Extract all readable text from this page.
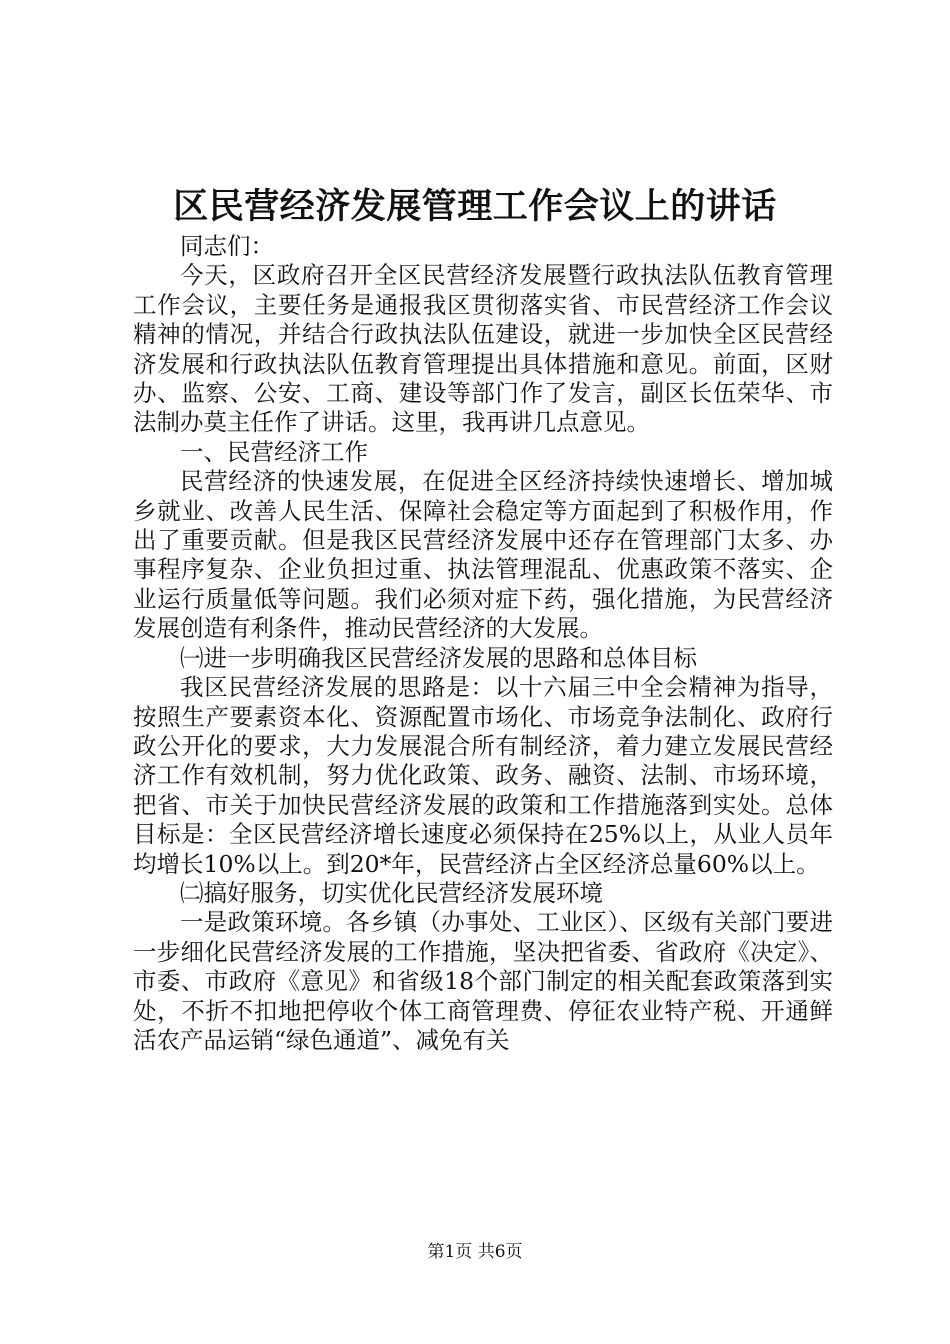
区民营经济发展管理工作会议上的讲话

同志们：

今天，区政府召开全区民营经济发展暨行政执法队伍教育管理工作会议，主要任务是通报我区贯彻落实省、市民营经济工作会议精神的情况，并结合行政执法队伍建设，就进一步加快全区民营经济发展和行政执法队伍教育管理提出具体措施和意见。前面，区财办、监察、公安、工商、建设等部门作了发言，副区长伍荣华、市法制办莫主任作了讲话。这里，我再讲几点意见。

一、民营经济工作

民营经济的快速发展，在促进全区经济持续快速增长、增加城乡就业、改善人民生活、保障社会稳定等方面起到了积极作用，作出了重要贡献。但是我区民营经济发展中还存在管理部门太多、办事程序复杂、企业负担过重、执法管理混乱、优惠政策不落实、企业运行质量低等问题。我们必须对症下药，强化措施，为民营经济发展创造有利条件，推动民营经济的大发展。

㈠进一步明确我区民营经济发展的思路和总体目标

我区民营经济发展的思路是：以十六届三中全会精神为指导，按照生产要素资本化、资源配置市场化、市场竞争法制化、政府行政公开化的要求，大力发展混合所有制经济，着力建立发展民营经济工作有效机制，努力优化政策、政务、融资、法制、市场环境，把省、市关于加快民营经济发展的政策和工作措施落到实处。总体目标是：全区民营经济增长速度必须保持在25%以上，从业人员年均增长10%以上。到20*年，民营经济占全区经济总量60%以上。

㈡搞好服务，切实优化民营经济发展环境

一是政策环境。各乡镇（办事处、工业区）、区级有关部门要进一步细化民营经济发展的工作措施，坚决把省委、省政府《决定》、市委、市政府《意见》和省级18个部门制定的相关配套政策落到实处，不折不扣地把停收个体工商管理费、停征农业特产税、开通鲜活农产品运销“绿色通道”、减免有关

第1页 共6页
